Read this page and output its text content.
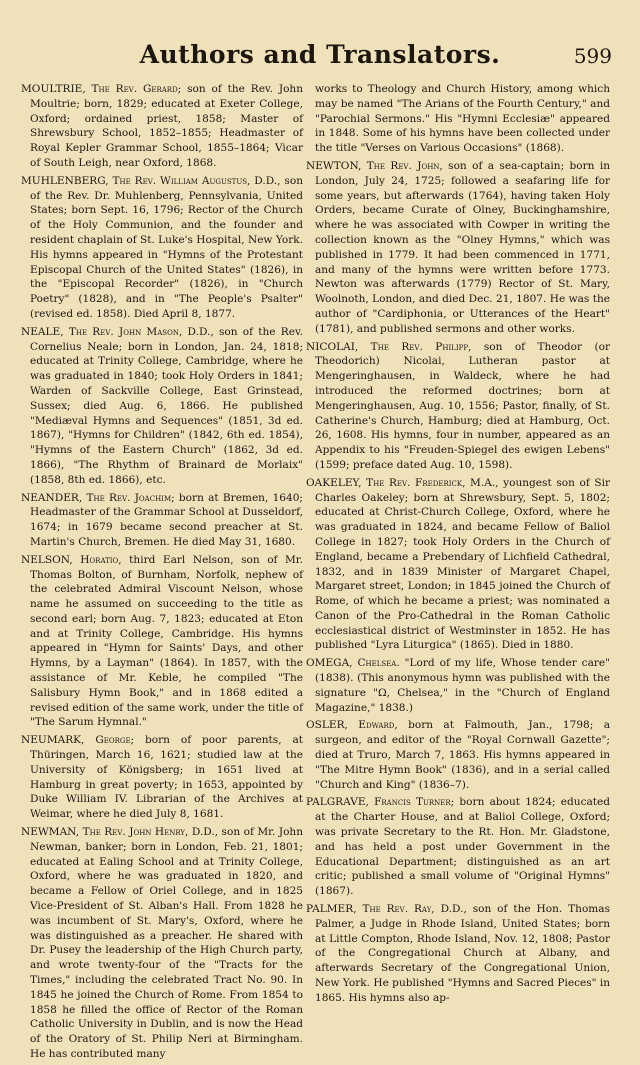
Authors and Translators.	599

MOULTRIE, The Rev. Gerard; son of the Rev. John Moultrie; born, 1829; educated at Exeter College, Oxford; ordained priest, 1858; Master of Shrewsbury School, 1852–1855; Headmaster of Royal Kepler Grammar School, 1855–1864; Vicar of South Leigh, near Oxford, 1868.

MUHLENBERG, The Rev. William Augustus, D.D., son of the Rev. Dr. Muhlenberg, Pennsylvania, United States; born Sept. 16, 1796; Rector of the Church of the Holy Communion, and the founder and resident chaplain of St. Luke's Hospital, New York. His hymns appeared in "Hymns of the Protestant Episcopal Church of the United States" (1826), in the "Episcopal Recorder" (1826), in "Church Poetry" (1828), and in "The People's Psalter" (revised ed. 1858). Died April 8, 1877.

NEALE, The Rev. John Mason, D.D., son of the Rev. Cornelius Neale; born in London, Jan. 24, 1818; educated at Trinity College, Cambridge, where he was graduated in 1840; took Holy Orders in 1841; Warden of Sackville College, East Grinstead, Sussex; died Aug. 6, 1866. He published "Mediæval Hymns and Sequences" (1851, 3d ed. 1867), "Hymns for Children" (1842, 6th ed. 1854), "Hymns of the Eastern Church" (1862, 3d ed. 1866), "The Rhythm of Brainard de Morlaix" (1858, 8th ed. 1866), etc.

NEANDER, The Rev. Joachim; born at Bremen, 1640; Headmaster of the Grammar School at Dusseldorf, 1674; in 1679 became second preacher at St. Martin's Church, Bremen. He died May 31, 1680.

NELSON, Horatio, third Earl Nelson, son of Mr. Thomas Bolton, of Burnham, Norfolk, nephew of the celebrated Admiral Viscount Nelson, whose name he assumed on succeeding to the title as second earl; born Aug. 7, 1823; educated at Eton and at Trinity College, Cambridge. His hymns appeared in "Hymn for Saints' Days, and other Hymns, by a Layman" (1864). In 1857, with the assistance of Mr. Keble, he compiled "The Salisbury Hymn Book," and in 1868 edited a revised edition of the same work, under the title of "The Sarum Hymnal."

NEUMARK, George; born of poor parents, at Thüringen, March 16, 1621; studied law at the University of Königsberg; in 1651 lived at Hamburg in great poverty; in 1653, appointed by Duke William IV. Librarian of the Archives at Weimar, where he died July 8, 1681.

NEWMAN, The Rev. John Henry, D.D., son of Mr. John Newman, banker; born in London, Feb. 21, 1801; educated at Ealing School and at Trinity College, Oxford, where he was graduated in 1820, and became a Fellow of Oriel College, and in 1825 Vice-President of St. Alban's Hall. From 1828 he was incumbent of St. Mary's, Oxford, where he was distinguished as a preacher. He shared with Dr. Pusey the leadership of the High Church party, and wrote twenty-four of the "Tracts for the Times," including the celebrated Tract No. 90. In 1845 he joined the Church of Rome. From 1854 to 1858 he filled the office of Rector of the Roman Catholic University in Dublin, and is now the Head of the Oratory of St. Philip Neri at Birmingham. He has contributed many

works to Theology and Church History, among which may be named "The Arians of the Fourth Century," and "Parochial Sermons." His "Hymni Ecclesiæ" appeared in 1848. Some of his hymns have been collected under the title "Verses on Various Occasions" (1868).

NEWTON, The Rev. John, son of a sea-captain; born in London, July 24, 1725; followed a seafaring life for some years, but afterwards (1764), having taken Holy Orders, became Curate of Olney, Buckinghamshire, where he was associated with Cowper in writing the collection known as the "Olney Hymns," which was published in 1779. It had been commenced in 1771, and many of the hymns were written before 1773. Newton was afterwards (1779) Rector of St. Mary, Woolnoth, London, and died Dec. 21, 1807. He was the author of "Cardiphonia, or Utterances of the Heart" (1781), and published sermons and other works.

NICOLAI, The Rev. Philipp, son of Theodor (or Theodorich) Nicolai, Lutheran pastor at Mengeringhausen, in Waldeck, where he had introduced the reformed doctrines; born at Mengeringhausen, Aug. 10, 1556; Pastor, finally, of St. Catherine's Church, Hamburg; died at Hamburg, Oct. 26, 1608. His hymns, four in number, appeared as an Appendix to his "Freuden-Spiegel des ewigen Lebens" (1599; preface dated Aug. 10, 1598).

OAKELEY, The Rev. Frederick, M.A., youngest son of Sir Charles Oakeley; born at Shrewsbury, Sept. 5, 1802; educated at Christ-Church College, Oxford, where he was graduated in 1824, and became Fellow of Baliol College in 1827; took Holy Orders in the Church of England, became a Prebendary of Lichfield Cathedral, 1832, and in 1839 Minister of Margaret Chapel, Margaret street, London; in 1845 joined the Church of Rome, of which he became a priest; was nominated a Canon of the Pro-Cathedral in the Roman Catholic ecclesiastical district of Westminster in 1852. He has published "Lyra Liturgica" (1865). Died in 1880.

OMEGA, Chelsea. "Lord of my life, Whose tender care" (1838). (This anonymous hymn was published with the signature "Ω, Chelsea," in the "Church of England Magazine," 1838.)

OSLER, Edward, born at Falmouth, Jan., 1798; a surgeon, and editor of the "Royal Cornwall Gazette"; died at Truro, March 7, 1863. His hymns appeared in "The Mitre Hymn Book" (1836), and in a serial called "Church and King" (1836–7).

PALGRAVE, Francis Turner; born about 1824; educated at the Charter House, and at Baliol College, Oxford; was private Secretary to the Rt. Hon. Mr. Gladstone, and has held a post under Government in the Educational Department; distinguished as an art critic; published a small volume of "Original Hymns" (1867).

PALMER, The Rev. Ray, D.D., son of the Hon. Thomas Palmer, a Judge in Rhode Island, United States; born at Little Compton, Rhode Island, Nov. 12, 1808; Pastor of the Congregational Church at Albany, and afterwards Secretary of the Congregational Union, New York. He published "Hymns and Sacred Pieces" in 1865. His hymns also ap-
